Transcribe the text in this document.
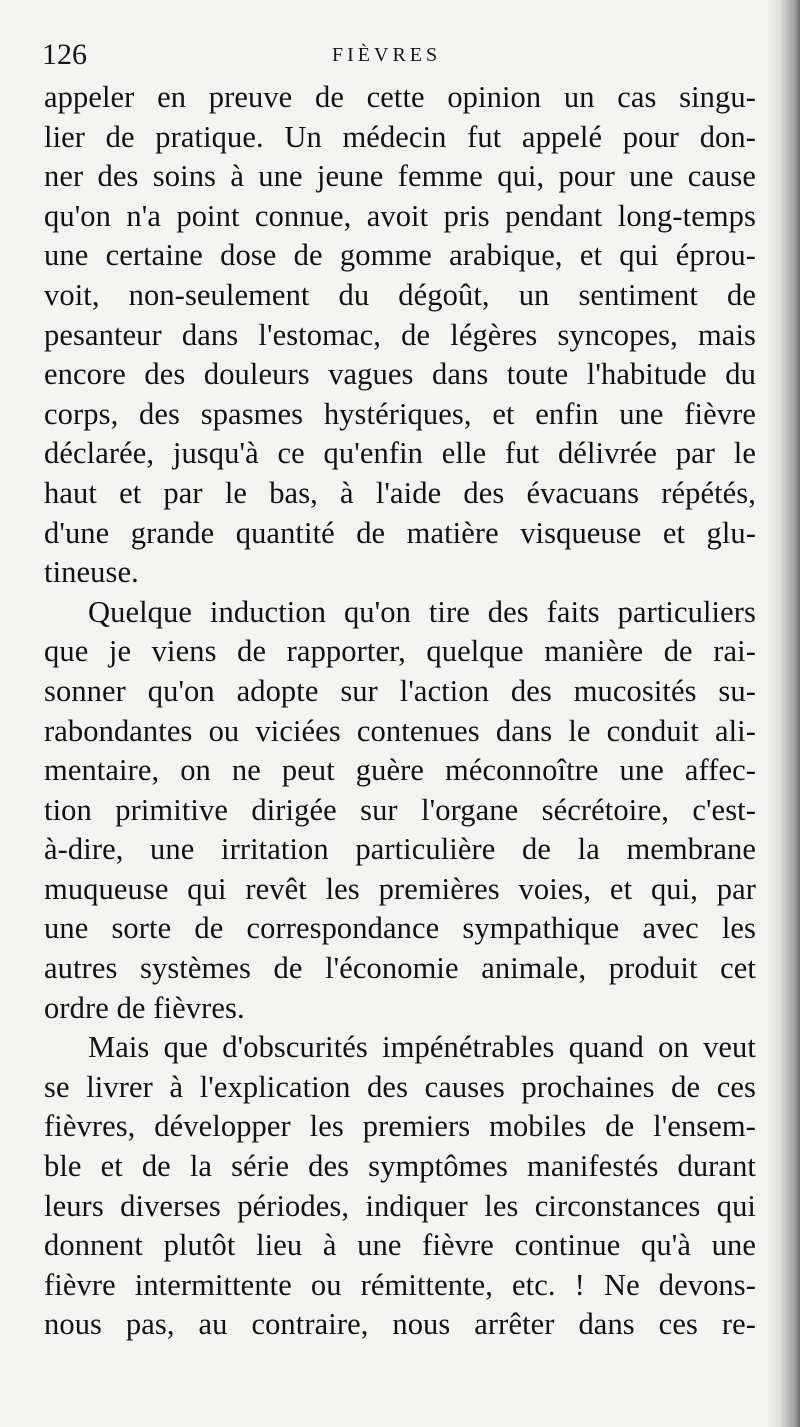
126	FIÈVRES
appeler en preuve de cette opinion un cas singu-
lier de pratique. Un médecin fut appelé pour don-
ner des soins à une jeune femme qui, pour une cause
qu'on n'a point connue, avoit pris pendant long-temps
une certaine dose de gomme arabique, et qui éprou-
voit, non-seulement du dégoût, un sentiment de
pesanteur dans l'estomac, de légères syncopes, mais
encore des douleurs vagues dans toute l'habitude du
corps, des spasmes hystériques, et enfin une fièvre
déclarée, jusqu'à ce qu'enfin elle fut délivrée par le
haut et par le bas, à l'aide des évacuans répétés,
d'une grande quantité de matière visqueuse et glu-
tineuse.
Quelque induction qu'on tire des faits particuliers
que je viens de rapporter, quelque manière de rai-
sonner qu'on adopte sur l'action des mucosités su-
rabondantes ou viciées contenues dans le conduit ali-
mentaire, on ne peut guère méconnoître une affec-
tion primitive dirigée sur l'organe sécrétoire, c'est-
à-dire, une irritation particulière de la membrane
muqueuse qui revêt les premières voies, et qui, par
une sorte de correspondance sympathique avec les
autres systèmes de l'économie animale, produit cet
ordre de fièvres.
Mais que d'obscurités impénétrables quand on veut
se livrer à l'explication des causes prochaines de ces
fièvres, développer les premiers mobiles de l'ensem-
ble et de la série des symptômes manifestés durant
leurs diverses périodes, indiquer les circonstances qui
donnent plutôt lieu à une fièvre continue qu'à une
fièvre intermittente ou rémittente, etc. ! Ne devons-
nous pas, au contraire, nous arrêter dans ces re-
